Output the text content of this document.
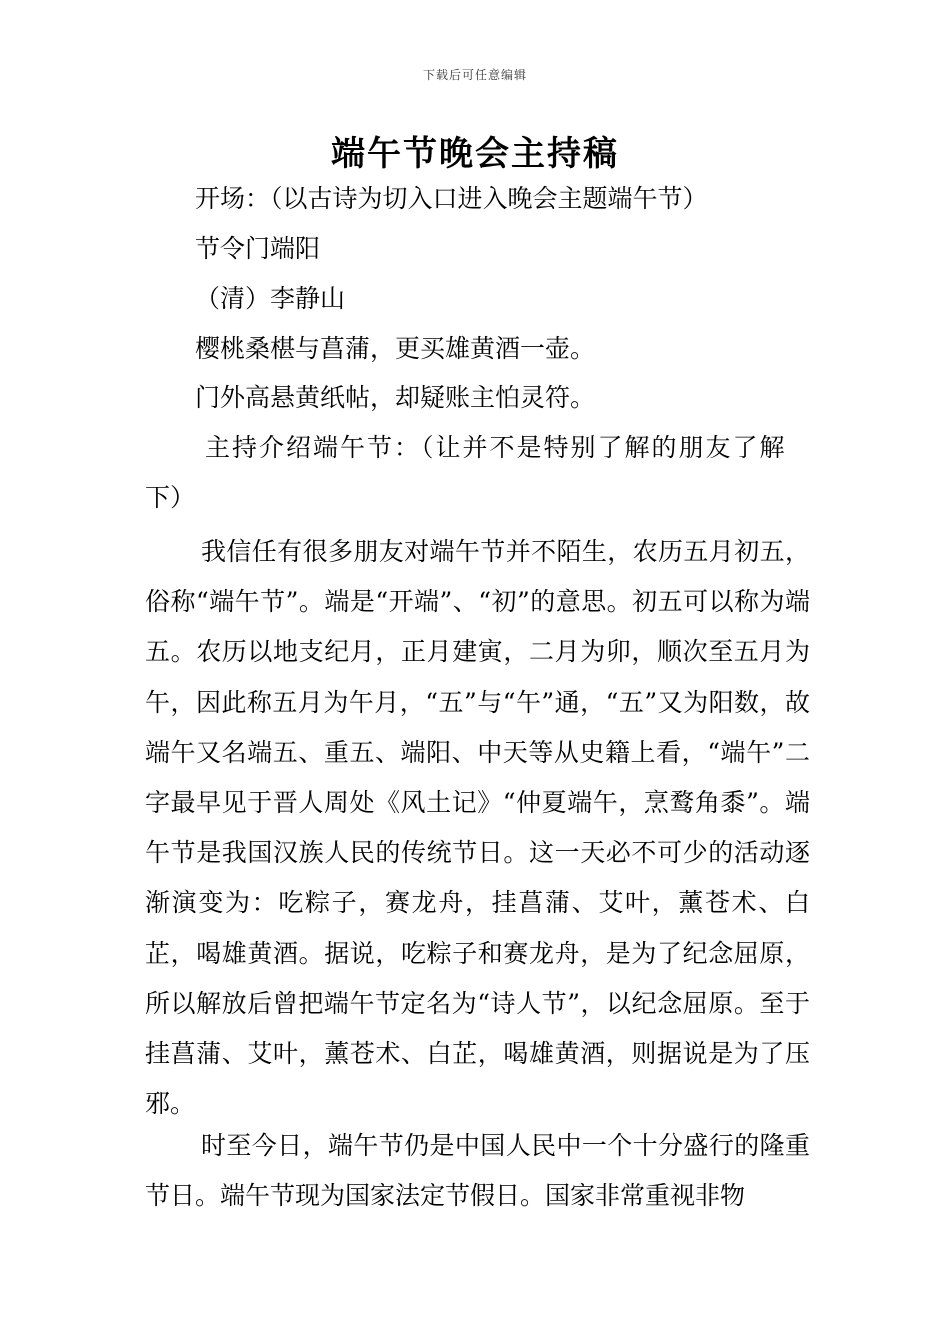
下载后可任意编辑
端午节晚会主持稿
开场：（以古诗为切入口进入晚会主题端午节）
节令门端阳
（清）李静山
樱桃桑椹与菖蒲，更买雄黄酒一壶。
门外高悬黄纸帖，却疑账主怕灵符。
主持介绍端午节：（让并不是特别了解的朋友了解
下）

我信任有很多朋友对端午节并不陌生，农历五月初五，俗称“端午节”。端是“开端”、“初”的意思。初五可以称为端五。农历以地支纪月，正月建寅，二月为卯，顺次至五月为午，因此称五月为午月，“五”与“午”通，“五”又为阳数，故端午又名端五、重五、端阳、中天等从史籍上看，“端午”二字最早见于晋人周处《风土记》“仲夏端午，烹鹜角黍”。端午节是我国汉族人民的传统节日。这一天必不可少的活动逐渐演变为：吃粽子，赛龙舟，挂菖蒲、艾叶，薰苍术、白芷，喝雄黄酒。据说，吃粽子和赛龙舟，是为了纪念屈原，所以解放后曾把端午节定名为“诗人节”，以纪念屈原。至于挂菖蒲、艾叶，薰苍术、白芷，喝雄黄酒，则据说是为了压邪。

时至今日，端午节仍是中国人民中一个十分盛行的隆重节日。端午节现为国家法定节假日。国家非常重视非物
